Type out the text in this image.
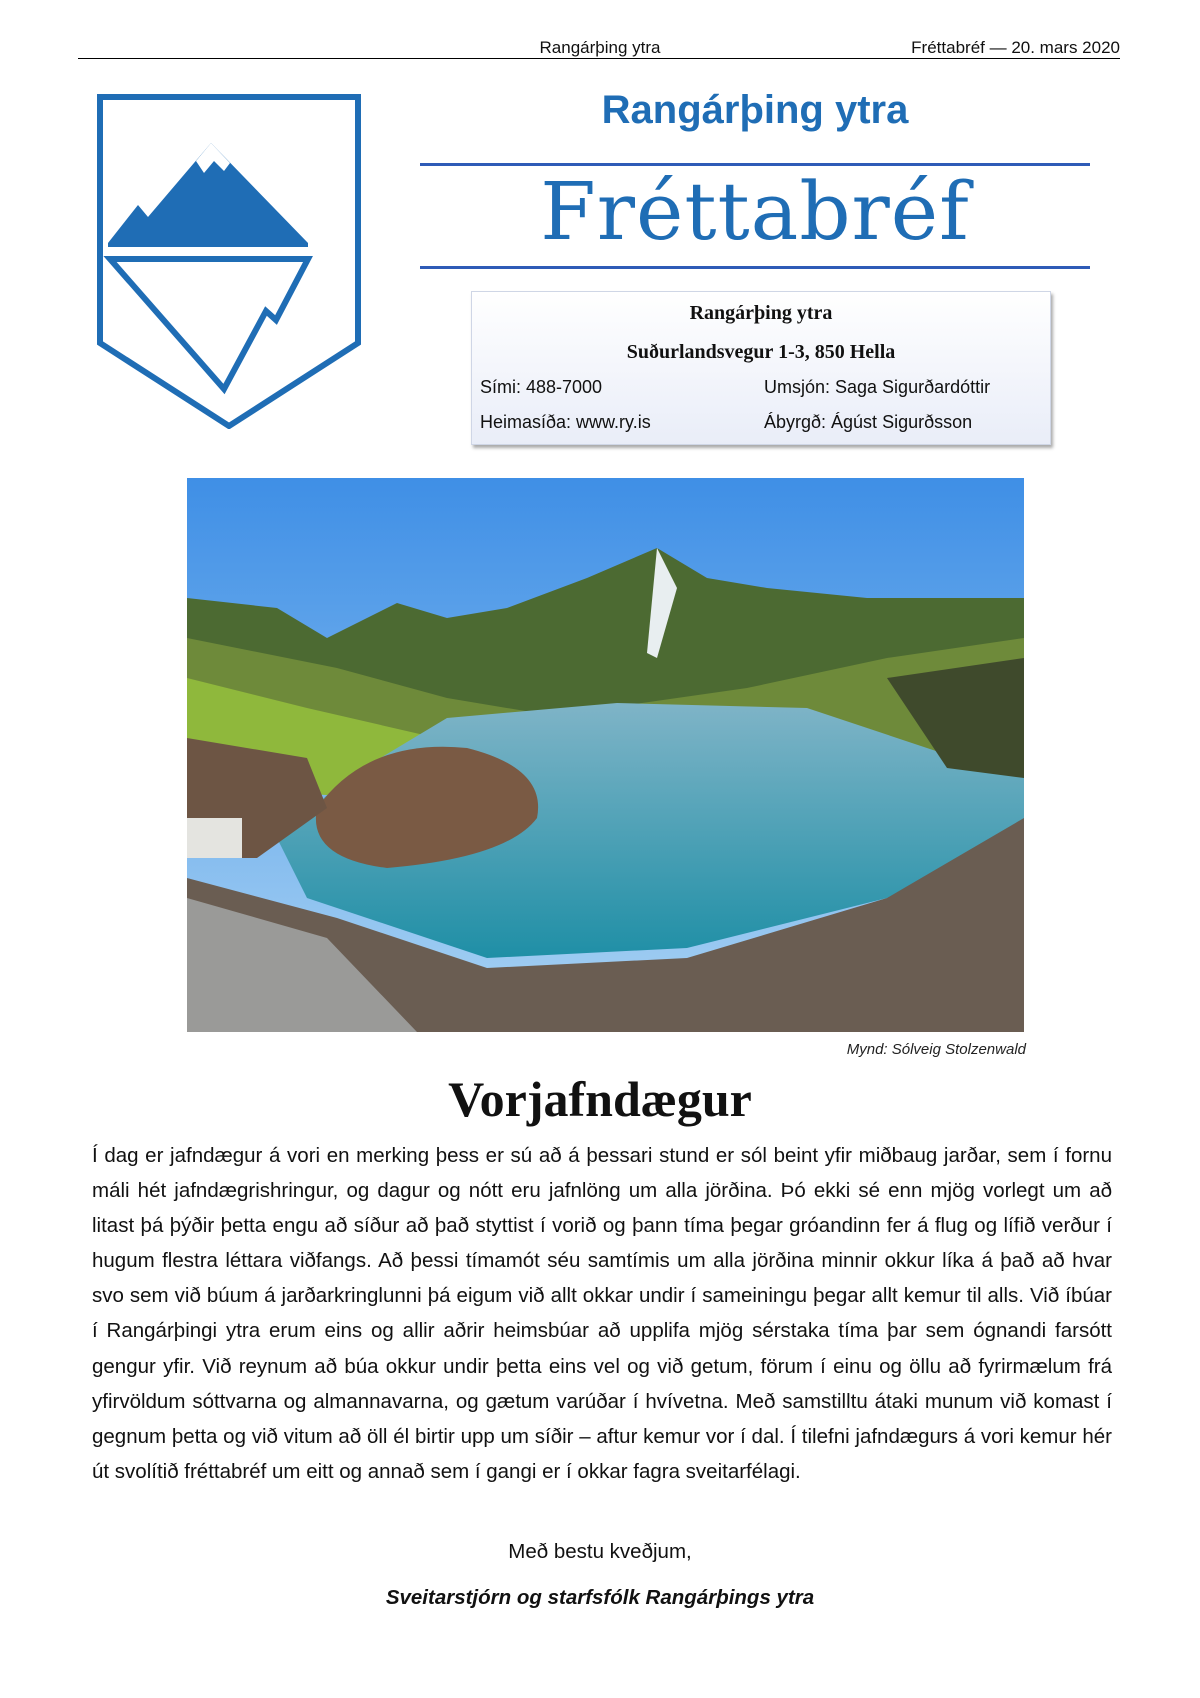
Rangárþing ytra	Fréttabréf — 20. mars 2020
Rangárþing ytra
Fréttabréf
Rangárþing ytra
Suðurlandsvegur 1-3, 850 Hella
Sími: 488-7000
Heimasíða: www.ry.is
Umsjón: Saga Sigurðardóttir
Ábyrgð: Ágúst Sigurðsson
Mynd: Sólveig Stolzenwald
Vorjafndægur
Í dag er jafndægur á vori en merking þess er sú að á þessari stund er sól beint yfir miðbaug jarðar, sem í fornu máli hét jafndægrishringur, og dagur og nótt eru jafnlöng um alla jörðina. Þó ekki sé enn mjög vorlegt um að litast þá þýðir þetta engu að síður að það styttist í vorið og þann tíma þegar gróandinn fer á flug og lífið verður í hugum flestra léttara viðfangs. Að þessi tímamót séu samtímis um alla jörðina minnir okkur líka á það að hvar svo sem við búum á jarðarkringlunni þá eigum við allt okkar undir í sameiningu þegar allt kemur til alls. Við íbúar í Rangárþingi ytra erum eins og allir aðrir heimsbúar að upplifa mjög sérstaka tíma þar sem ógnandi farsótt gengur yfir. Við reynum að búa okkur undir þetta eins vel og við getum, förum í einu og öllu að fyrirmælum frá yfirvöldum sóttvarna og almannavarna, og gætum varúðar í hvívetna. Með samstilltu átaki munum við komast í gegnum þetta og við vitum að öll él birtir upp um síðir – aftur kemur vor í dal. Í tilefni jafndægurs á vori kemur hér út svolítið fréttabréf um eitt og annað sem í gangi er í okkar fagra sveitarfélagi.
Með bestu kveðjum,
Sveitarstjórn og starfsfólk Rangárþings ytra
